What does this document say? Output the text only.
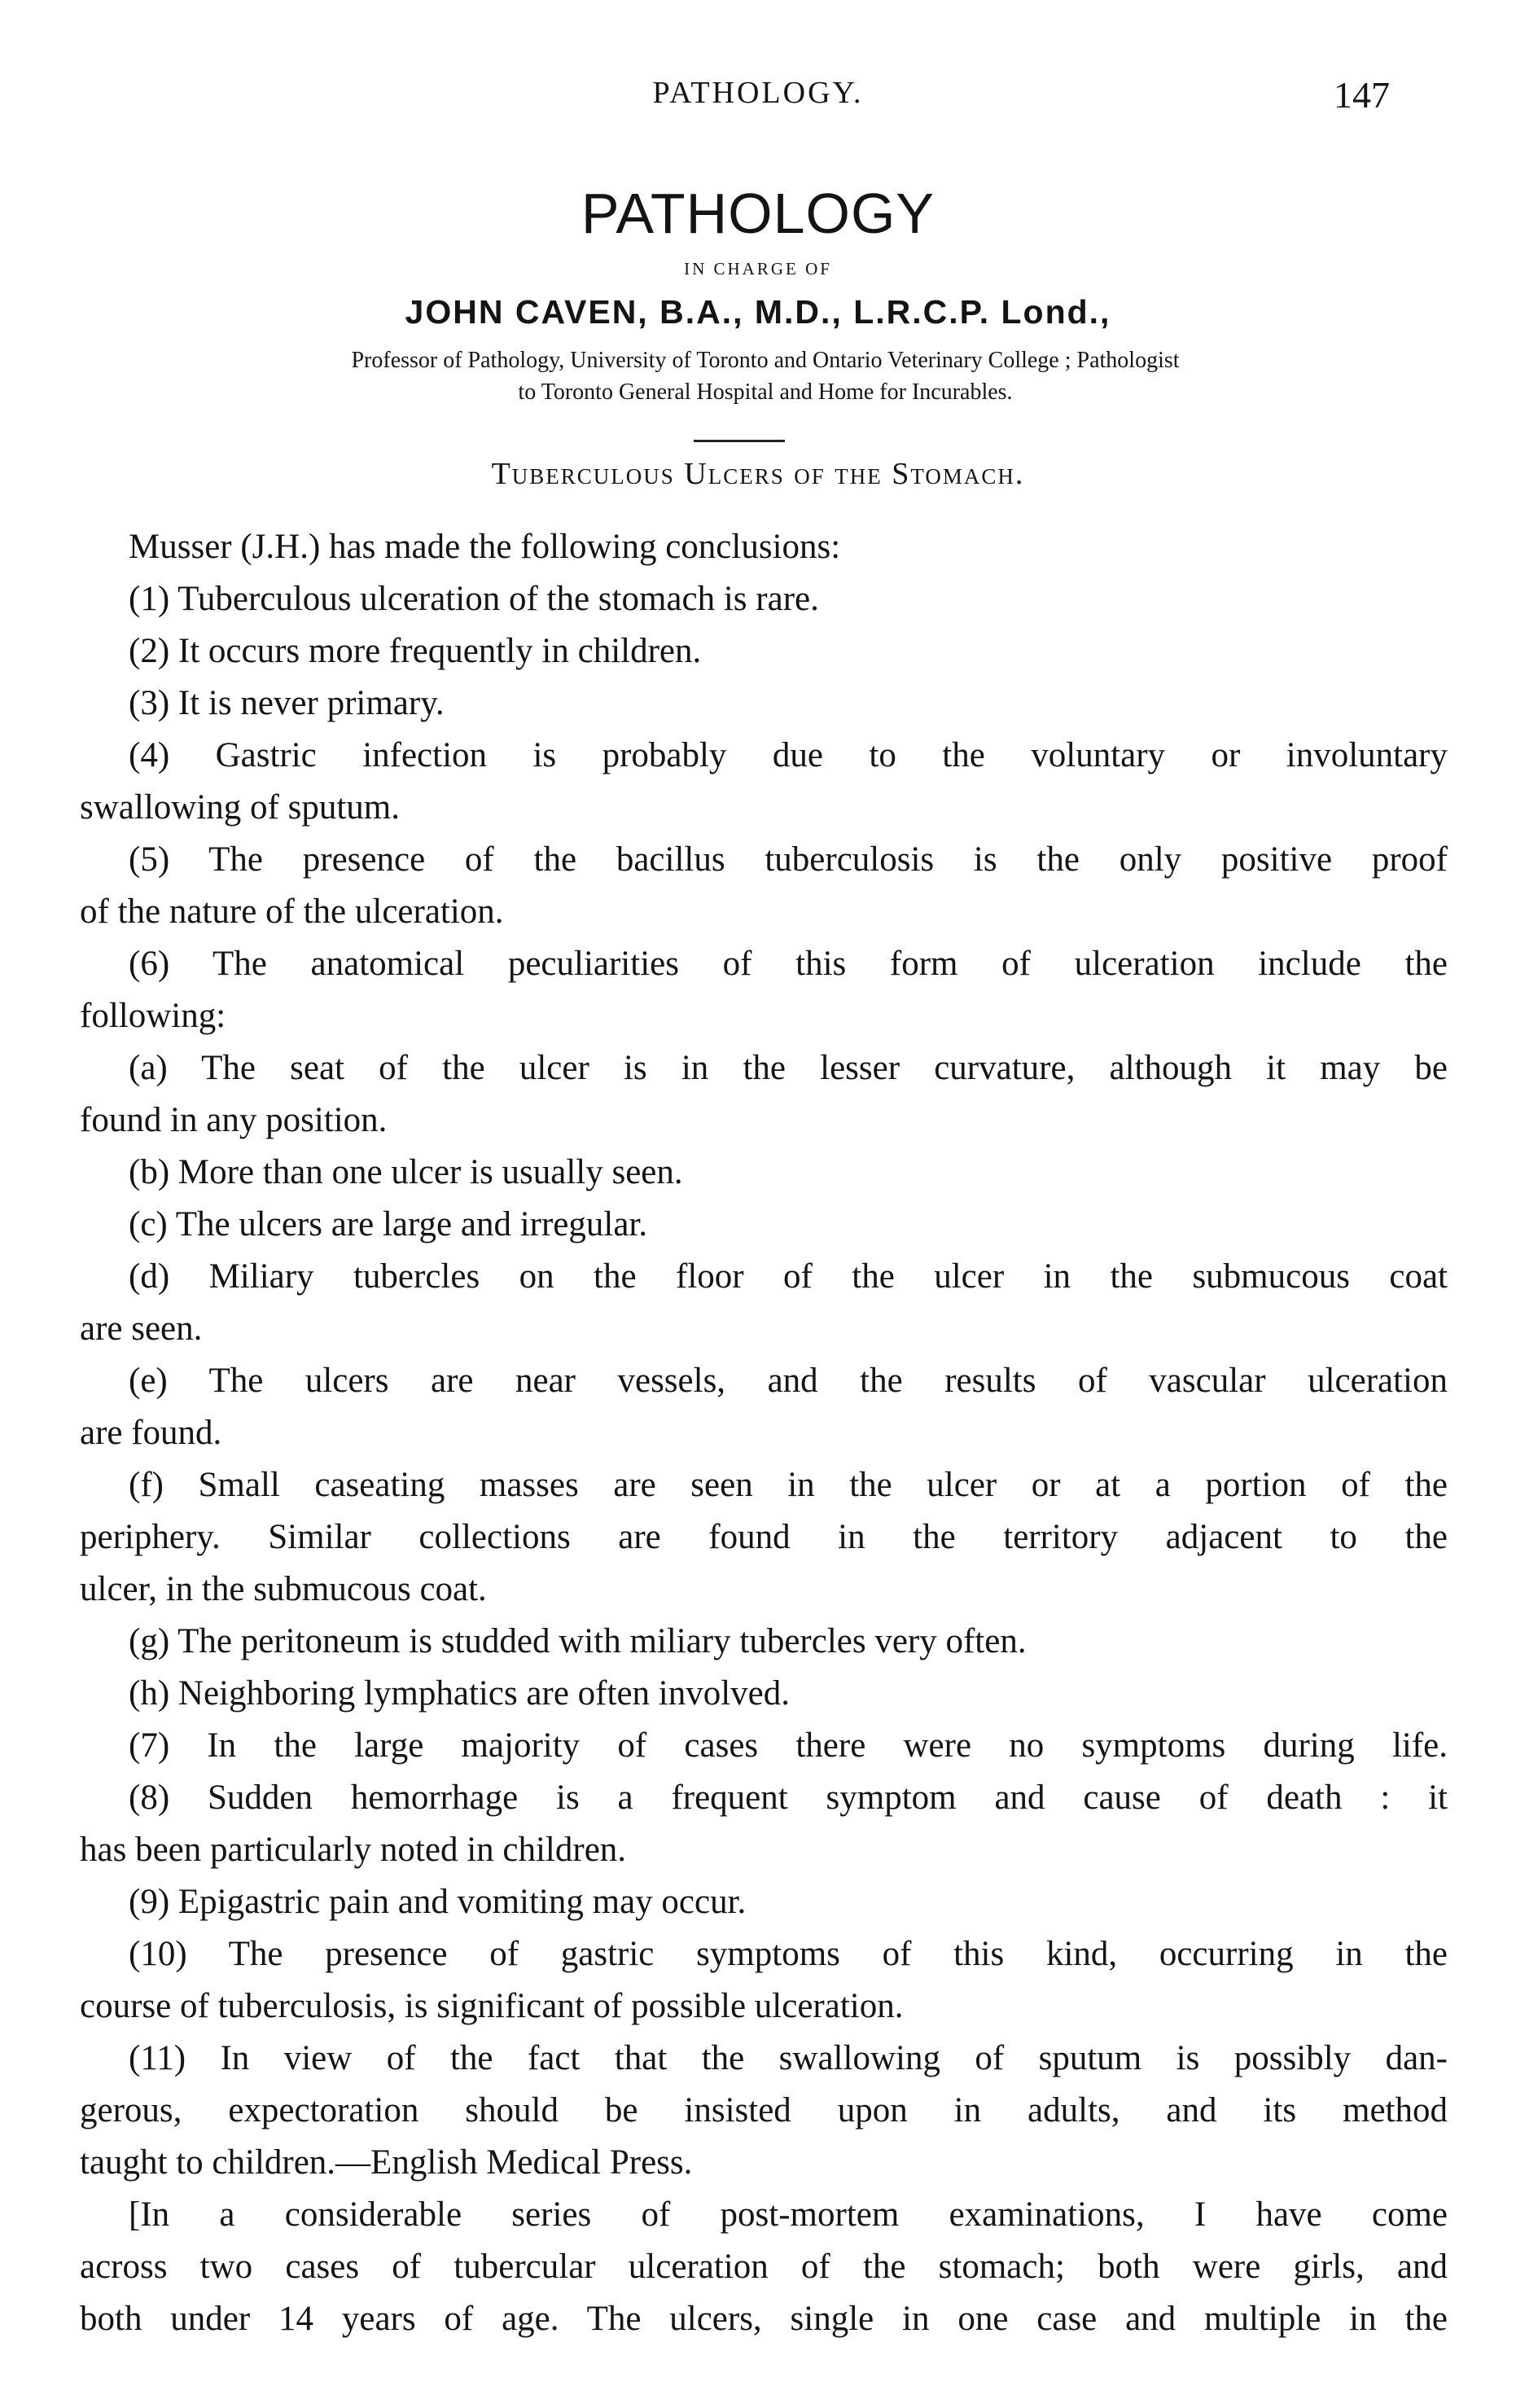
PATHOLOGY.	147
PATHOLOGY
IN CHARGE OF
JOHN CAVEN, B.A., M.D., L.R.C.P. Lond.,
Professor of Pathology, University of Toronto and Ontario Veterinary College ; Pathologist
to Toronto General Hospital and Home for Incurables.
Tuberculous Ulcers of the Stomach.
Musser (J.H.) has made the following conclusions:
(1) Tuberculous ulceration of the stomach is rare.
(2) It occurs more frequently in children.
(3) It is never primary.
(4) Gastric infection is probably due to the voluntary or involuntary
swallowing of sputum.
(5) The presence of the bacillus tuberculosis is the only positive proof
of the nature of the ulceration.
(6) The anatomical peculiarities of this form of ulceration include the
following:
(a) The seat of the ulcer is in the lesser curvature, although it may be
found in any position.
(b) More than one ulcer is usually seen.
(c) The ulcers are large and irregular.
(d) Miliary tubercles on the floor of the ulcer in the submucous coat
are seen.
(e) The ulcers are near vessels, and the results of vascular ulceration
are found.
(f) Small caseating masses are seen in the ulcer or at a portion of the
periphery. Similar collections are found in the territory adjacent to the
ulcer, in the submucous coat.
(g) The peritoneum is studded with miliary tubercles very often.
(h) Neighboring lymphatics are often involved.
(7) In the large majority of cases there were no symptoms during life.
(8) Sudden hemorrhage is a frequent symptom and cause of death : it
has been particularly noted in children.
(9) Epigastric pain and vomiting may occur.
(10) The presence of gastric symptoms of this kind, occurring in the
course of tuberculosis, is significant of possible ulceration.
(11) In view of the fact that the swallowing of sputum is possibly dan-
gerous, expectoration should be insisted upon in adults, and its method
taught to children.—English Medical Press.
[In a considerable series of post-mortem examinations, I have come
across two cases of tubercular ulceration of the stomach; both were girls, and
both under 14 years of age. The ulcers, single in one case and multiple in the
